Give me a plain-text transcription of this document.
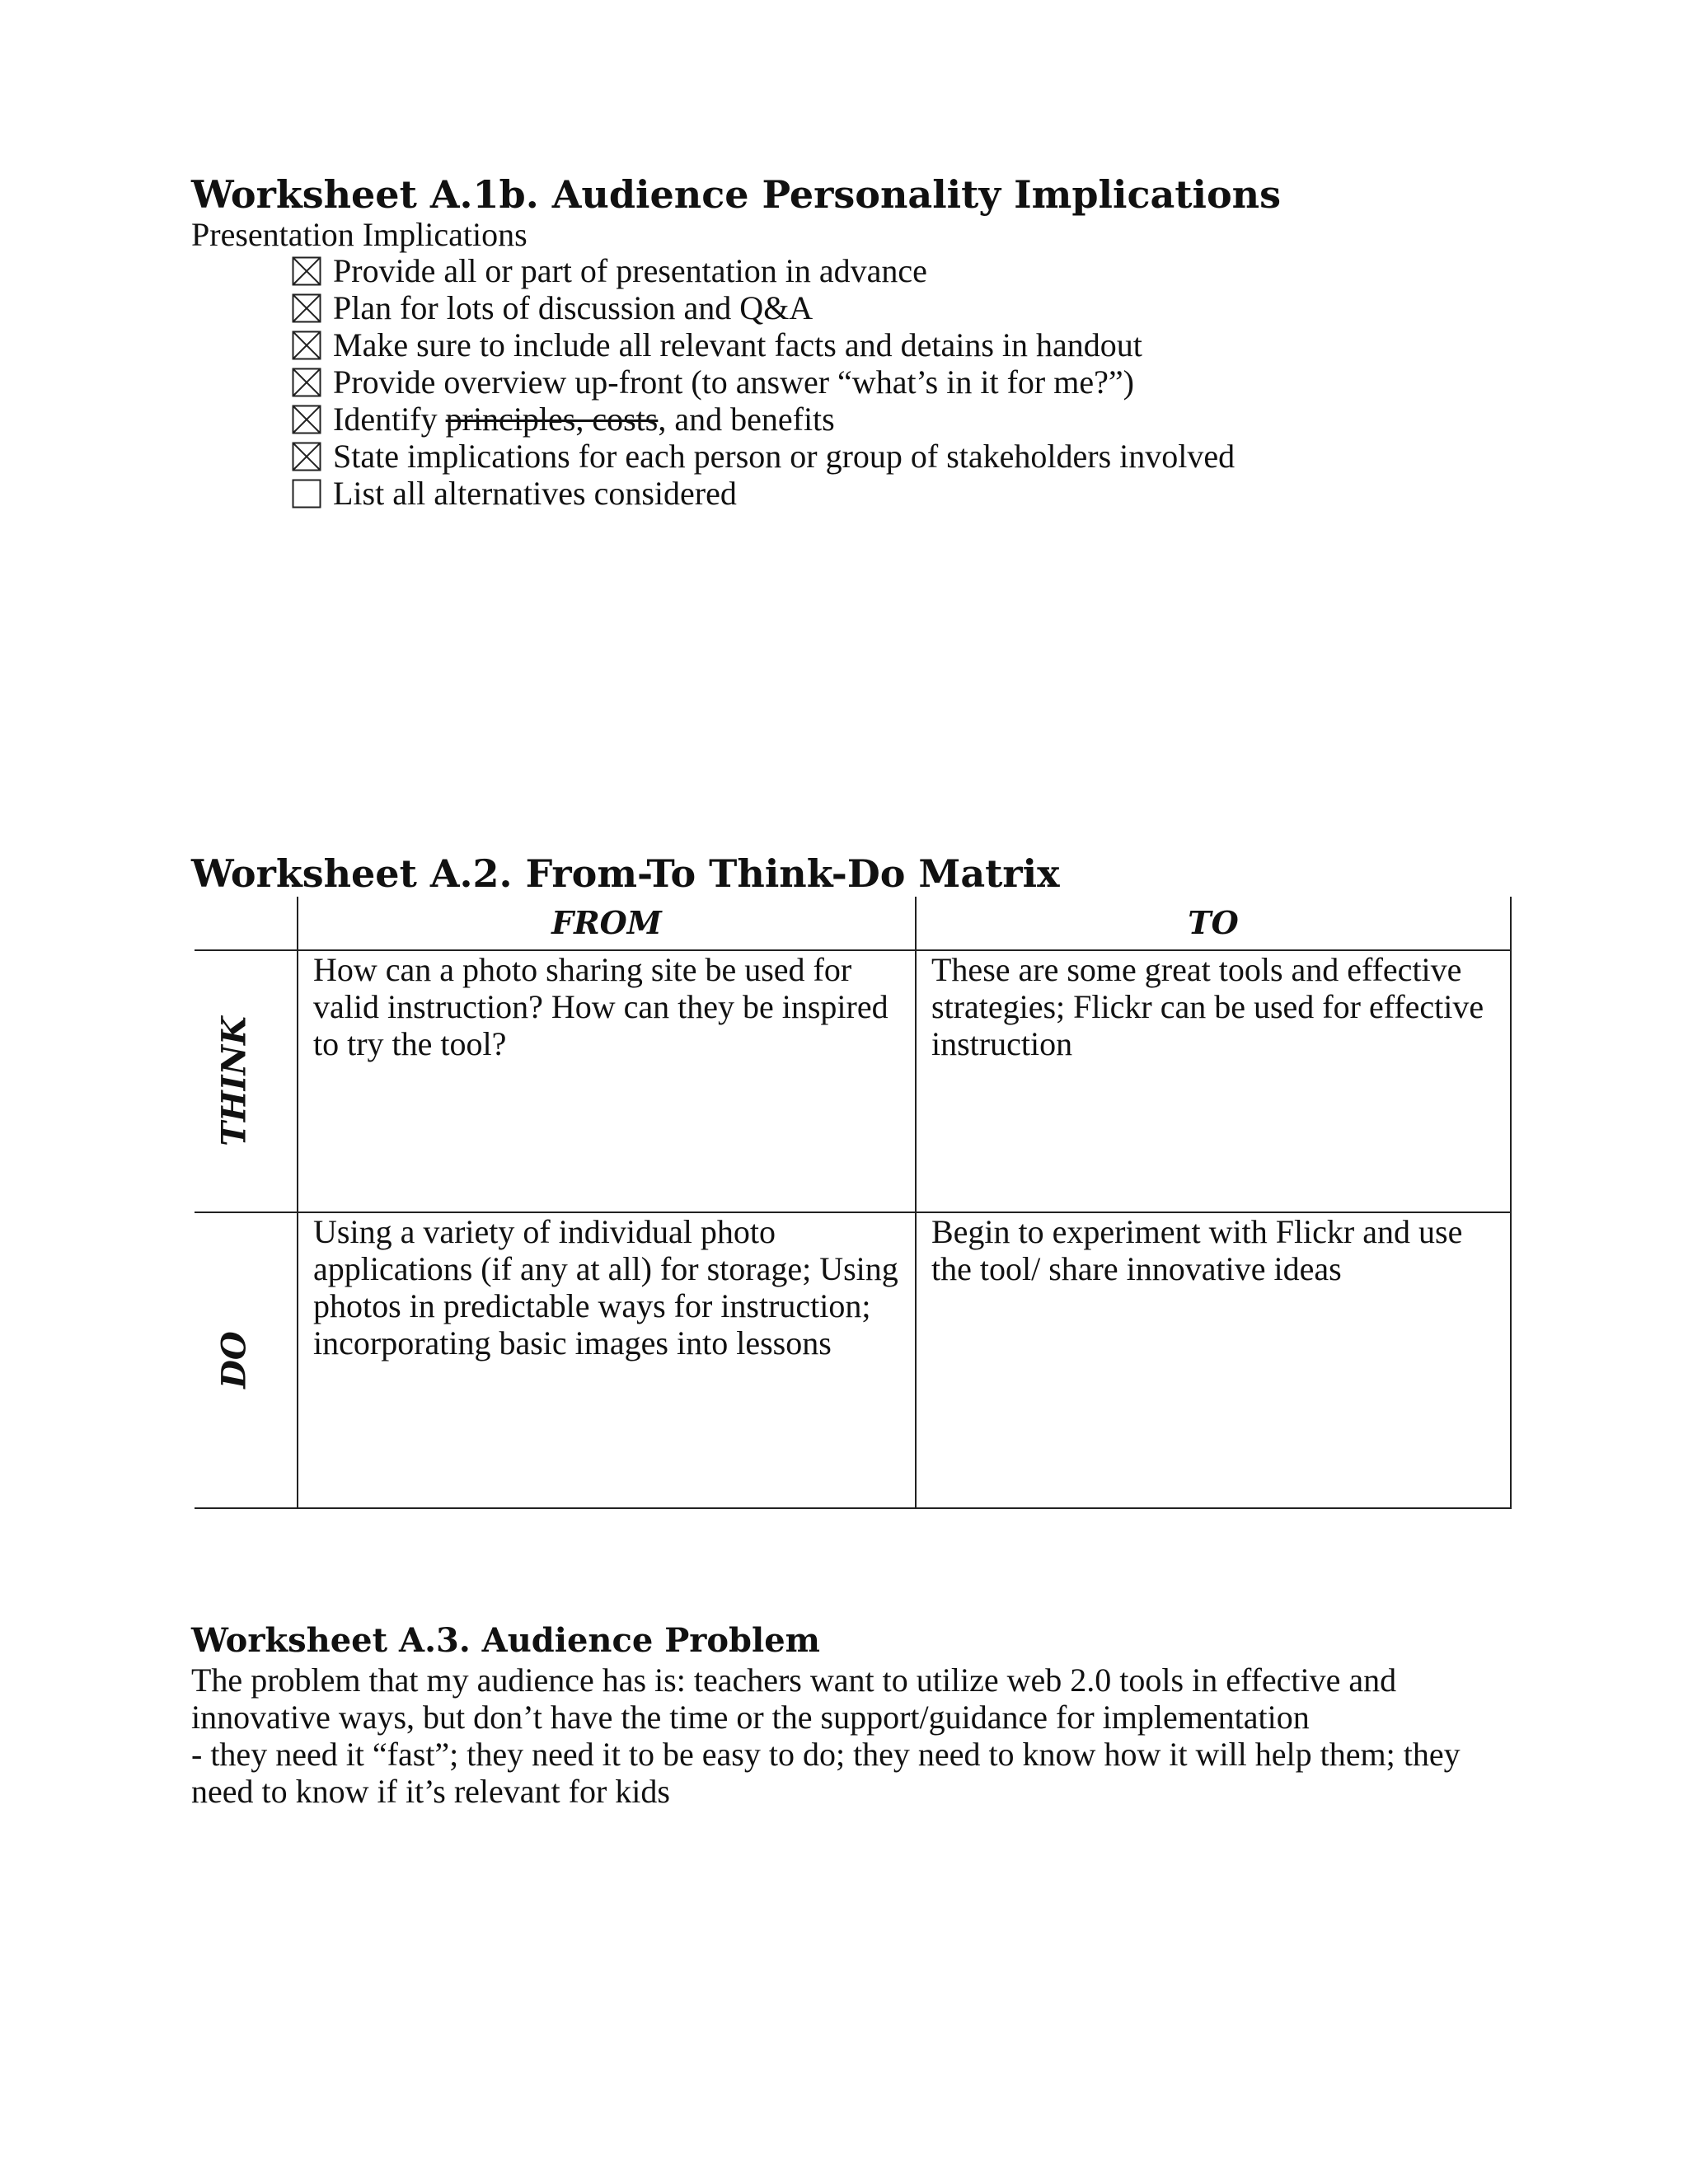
Worksheet A.1b. Audience Personality Implications
Presentation Implications
Provide all or part of presentation in advance
Plan for lots of discussion and Q&A
Make sure to include all relevant facts and detains in handout
Provide overview up-front (to answer “what’s in it for me?”)
Identify principles, costs, and benefits
State implications for each person or group of stakeholders involved
List all alternatives considered
Worksheet A.2. From-To Think-Do Matrix
FROM	TO
THINK
DO
How can a photo sharing site be used for valid instruction? How can they be inspired to try the tool?
These are some great tools and effective strategies; Flickr can be used for effective instruction
Using a variety of individual photo applications (if any at all) for storage; Using photos in predictable ways for instruction; incorporating basic images into lessons
Begin to experiment with Flickr and use the tool/ share innovative ideas
Worksheet A.3. Audience Problem
The problem that my audience has is: teachers want to utilize web 2.0 tools in effective and innovative ways, but don’t have the time or the support/guidance for implementation
- they need it “fast”; they need it to be easy to do; they need to know how it will help them; they need to know if it’s relevant for kids
